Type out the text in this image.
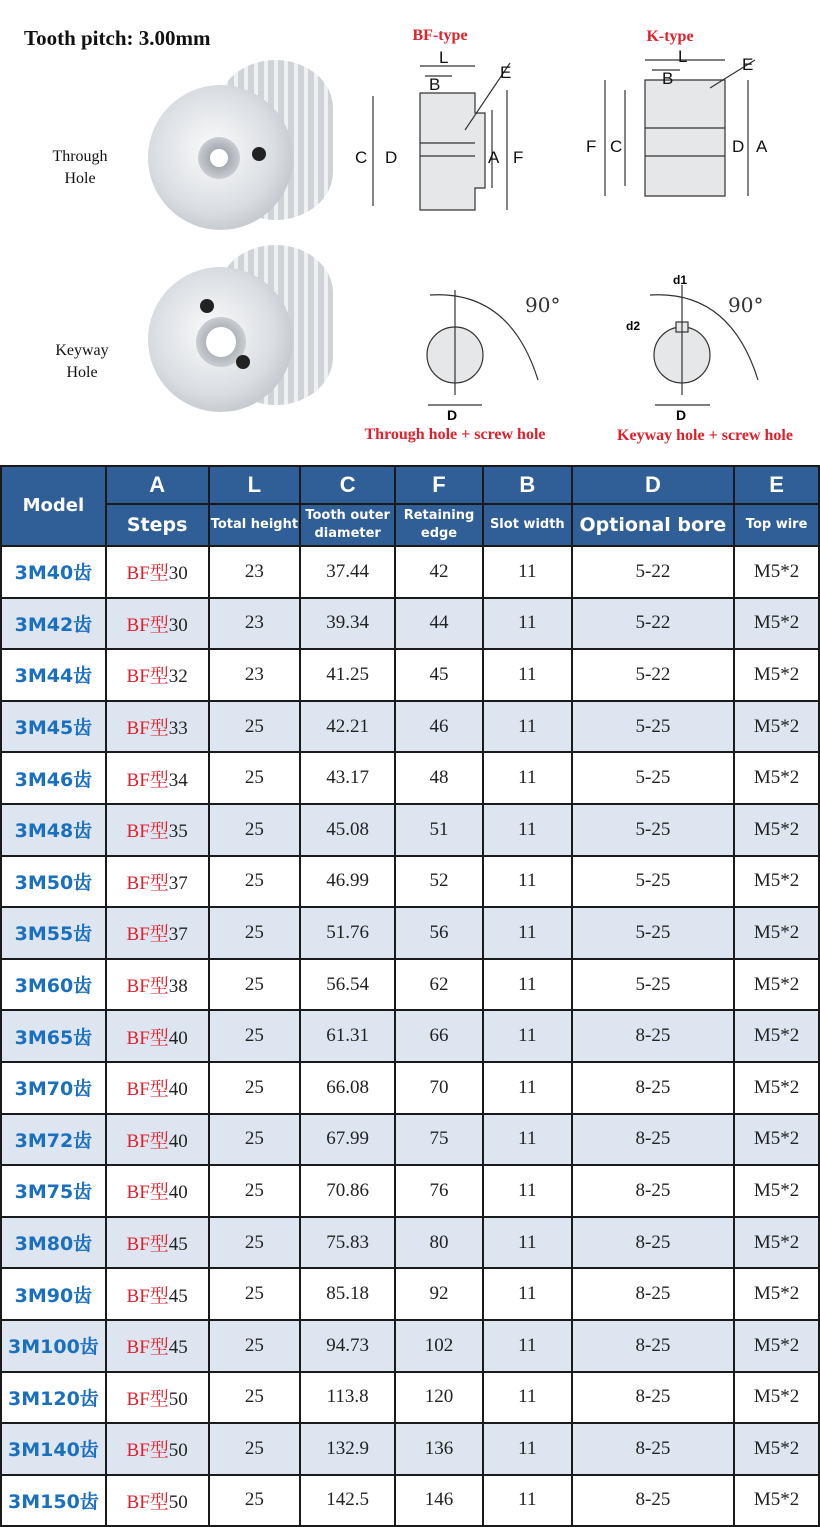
Tooth pitch: 3.00mm
Through Hole
Keyway Hole
BF-type
L
B
E
C D	A F
K-type
L
B
E
F C	D A
90°
D
90°
d1
d2
D
Through hole + screw hole	Keyway hole + screw hole
Model	A	L	C	F	B	D	E
	Steps	Total height	Tooth outer diameter	Retaining edge	Slot width	Optional bore	Top wire
3M40齿	BF型30	23	37.44	42	11	5-22	M5*2
3M42齿	BF型30	23	39.34	44	11	5-22	M5*2
3M44齿	BF型32	23	41.25	45	11	5-22	M5*2
3M45齿	BF型33	25	42.21	46	11	5-25	M5*2
3M46齿	BF型34	25	43.17	48	11	5-25	M5*2
3M48齿	BF型35	25	45.08	51	11	5-25	M5*2
3M50齿	BF型37	25	46.99	52	11	5-25	M5*2
3M55齿	BF型37	25	51.76	56	11	5-25	M5*2
3M60齿	BF型38	25	56.54	62	11	5-25	M5*2
3M65齿	BF型40	25	61.31	66	11	8-25	M5*2
3M70齿	BF型40	25	66.08	70	11	8-25	M5*2
3M72齿	BF型40	25	67.99	75	11	8-25	M5*2
3M75齿	BF型40	25	70.86	76	11	8-25	M5*2
3M80齿	BF型45	25	75.83	80	11	8-25	M5*2
3M90齿	BF型45	25	85.18	92	11	8-25	M5*2
3M100齿	BF型45	25	94.73	102	11	8-25	M5*2
3M120齿	BF型50	25	113.8	120	11	8-25	M5*2
3M140齿	BF型50	25	132.9	136	11	8-25	M5*2
3M150齿	BF型50	25	142.5	146	11	8-25	M5*2
